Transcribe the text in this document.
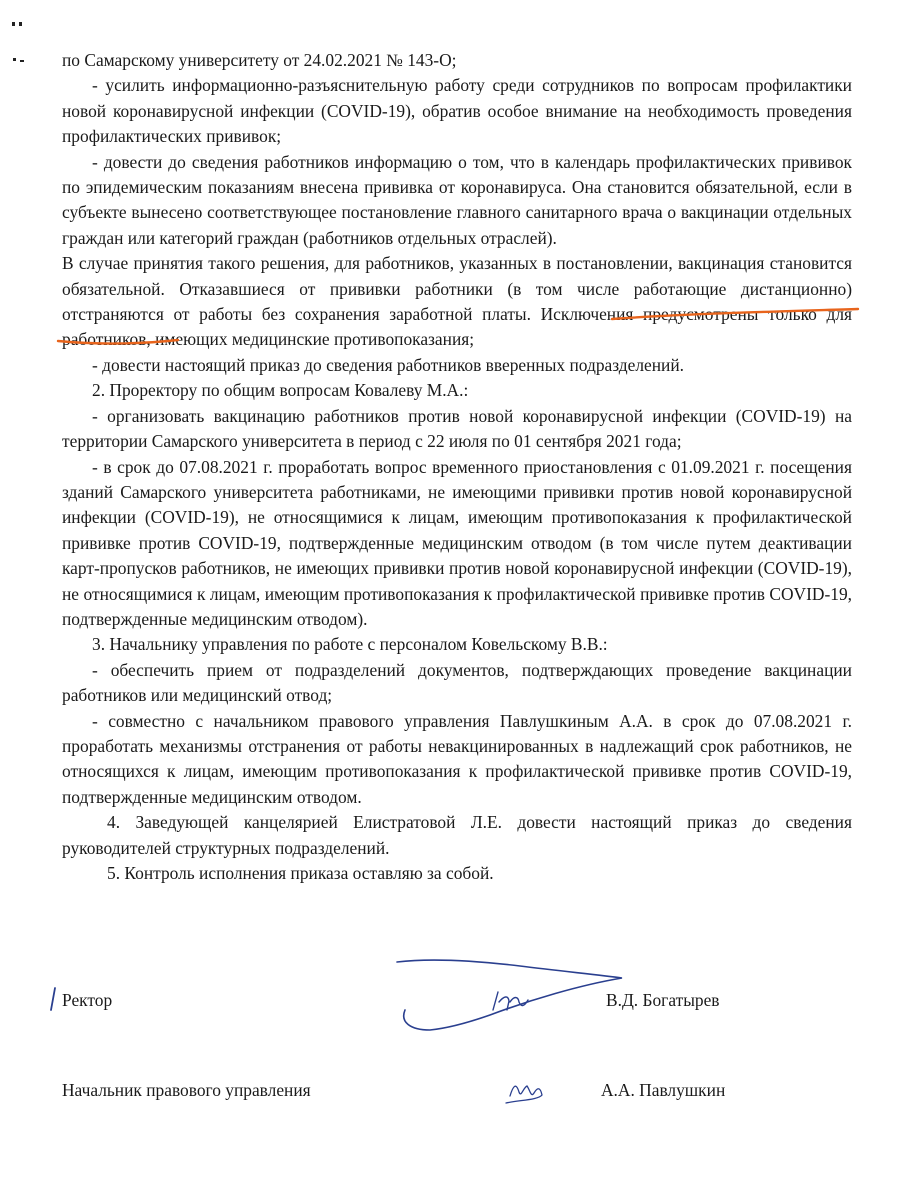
по Самарскому университету от 24.02.2021 № 143-О;

- усилить информационно-разъяснительную работу среди сотрудников по вопросам профилактики новой коронавирусной инфекции (COVID-19), обратив особое внимание на необходимость проведения профилактических прививок;

- довести до сведения работников информацию о том, что в календарь профилактических прививок по эпидемическим показаниям внесена прививка от коронавируса. Она становится обязательной, если в субъекте вынесено соответствующее постановление главного санитарного врача о вакцинации отдельных граждан или категорий граждан (работников отдельных отраслей).

В случае принятия такого решения, для работников, указанных в постановлении, вакцинация становится обязательной. Отказавшиеся от прививки работники (в том числе работающие дистанционно) отстраняются от работы без сохранения заработной платы. Исключения предусмотрены только для работников, имеющих медицинские противопоказания;

- довести настоящий приказ до сведения работников вверенных подразделений.

2. Проректору по общим вопросам Ковалеву М.А.:

- организовать вакцинацию работников против новой коронавирусной инфекции (COVID-19) на территории Самарского университета в период с 22 июля по 01 сентября 2021 года;

- в срок до 07.08.2021 г. проработать вопрос временного приостановления с 01.09.2021 г. посещения зданий Самарского университета работниками, не имеющими прививки против новой коронавирусной инфекции (COVID-19), не относящимися к лицам, имеющим противопоказания к профилактической прививке против COVID-19, подтвержденные медицинским отводом (в том числе путем деактивации карт-пропусков работников, не имеющих прививки против новой коронавирусной инфекции (COVID-19), не относящимися к лицам, имеющим противопоказания к профилактической прививке против COVID-19, подтвержденные медицинским отводом).

3. Начальнику управления по работе с персоналом Ковельскому В.В.:

- обеспечить прием от подразделений документов, подтверждающих проведение вакцинации работников или медицинский отвод;

- совместно с начальником правового управления Павлушкиным А.А. в срок до 07.08.2021 г. проработать механизмы отстранения от работы невакцинированных в надлежащий срок работников, не относящихся к лицам, имеющим противопоказания к профилактической прививке против COVID-19, подтвержденные медицинским отводом.

4. Заведующей канцелярией Елистратовой Л.Е. довести настоящий приказ до сведения руководителей структурных подразделений.

5. Контроль исполнения приказа оставляю за собой.

Ректор	В.Д. Богатырев
Начальник правового управления	А.А. Павлушкин
